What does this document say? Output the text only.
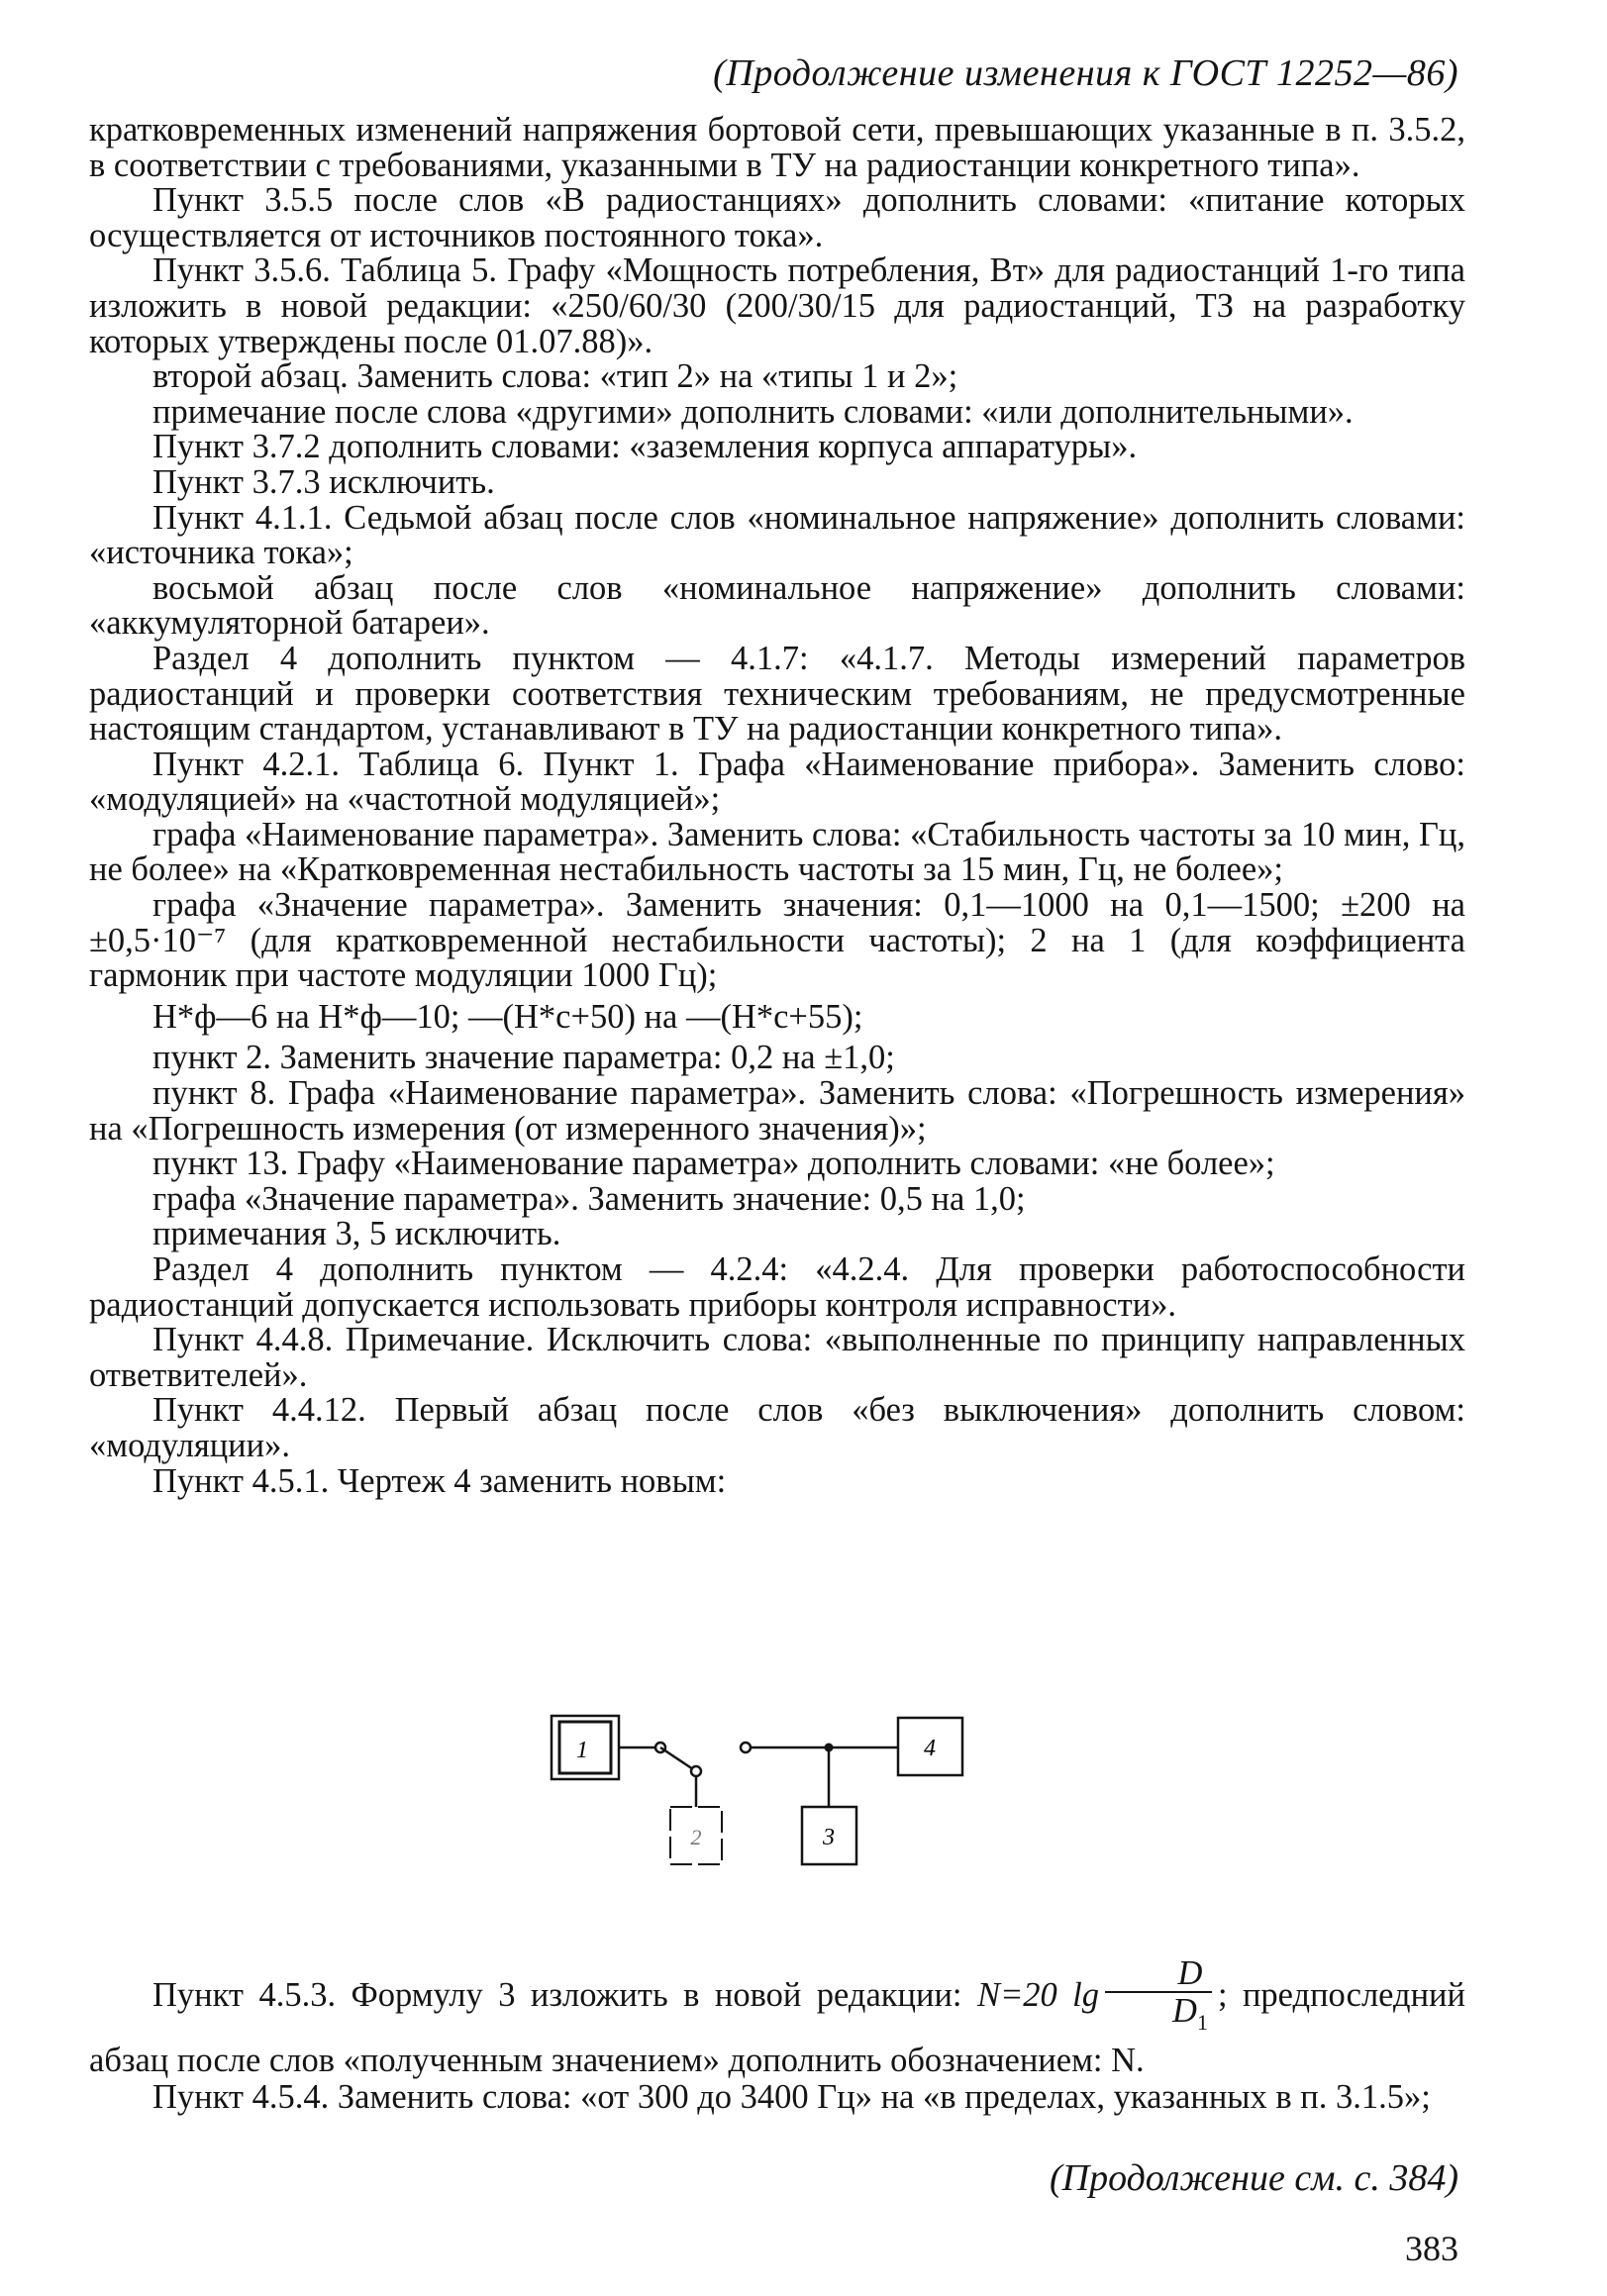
(Продолжение изменения к ГОСТ 12252—86)

кратковременных изменений напряжения бортовой сети, превышающих указанные в п. 3.5.2, в соответствии с требованиями, указанными в ТУ на радиостанции конкретного типа».

Пункт 3.5.5 после слов «В радиостанциях» дополнить словами: «питание которых осуществляется от источников постоянного тока».

Пункт 3.5.6. Таблица 5. Графу «Мощность потребления, Вт» для радиостанций 1-го типа изложить в новой редакции: «250/60/30 (200/30/15 для радиостанций, ТЗ на разработку которых утверждены после 01.07.88)».

второй абзац. Заменить слова: «тип 2» на «типы 1 и 2»;

примечание после слова «другими» дополнить словами: «или дополнительными».

Пункт 3.7.2 дополнить словами: «заземления корпуса аппаратуры».

Пункт 3.7.3 исключить.

Пункт 4.1.1. Седьмой абзац после слов «номинальное напряжение» дополнить словами: «источника тока»;

восьмой абзац после слов «номинальное напряжение» дополнить словами: «аккумуляторной батареи».

Раздел 4 дополнить пунктом — 4.1.7: «4.1.7. Методы измерений параметров радиостанций и проверки соответствия техническим требованиям, не предусмотренные настоящим стандартом, устанавливают в ТУ на радиостанции конкретного типа».

Пункт 4.2.1. Таблица 6. Пункт 1. Графа «Наименование прибора». Заменить слово: «модуляцией» на «частотной модуляцией»;

графа «Наименование параметра». Заменить слова: «Стабильность частоты за 10 мин, Гц, не более» на «Кратковременная нестабильность частоты за 15 мин, Гц, не более»;

графа «Значение параметра». Заменить значения: 0,1—1000 на 0,1—1500; ±200 на ±0,5·10⁻⁷ (для кратковременной нестабильности частоты); 2 на 1 (для коэффициента гармоник при частоте модуляции 1000 Гц);

Н*ф—6 на Н*ф—10; —(Н*с+50) на —(Н*с+55);

пункт 2. Заменить значение параметра: 0,2 на ±1,0;

пункт 8. Графа «Наименование параметра». Заменить слова: «Погрешность измерения» на «Погрешность измерения (от измеренного значения)»;

пункт 13. Графу «Наименование параметра» дополнить словами: «не более»;

графа «Значение параметра». Заменить значение: 0,5 на 1,0;

примечания 3, 5 исключить.

Раздел 4 дополнить пунктом — 4.2.4: «4.2.4. Для проверки работоспособности радиостанций допускается использовать приборы контроля исправности».

Пункт 4.4.8. Примечание. Исключить слова: «выполненные по принципу направленных ответвителей».

Пункт 4.4.12. Первый абзац после слов «без выключения» дополнить словом: «модуляции».

Пункт 4.5.1. Чертеж 4 заменить новым:

1
2	3
4

Пункт 4.5.3. Формулу 3 изложить в новой редакции: N=20 $\lg \frac{D}{D_1}$ ; предпоследний абзац после слов «полученным значением» дополнить обозначением: N.

Пункт 4.5.4. Заменить слова: «от 300 до 3400 Гц» на «в пределах, указанных в п. 3.1.5»;

(Продолжение см. с. 384)
383
